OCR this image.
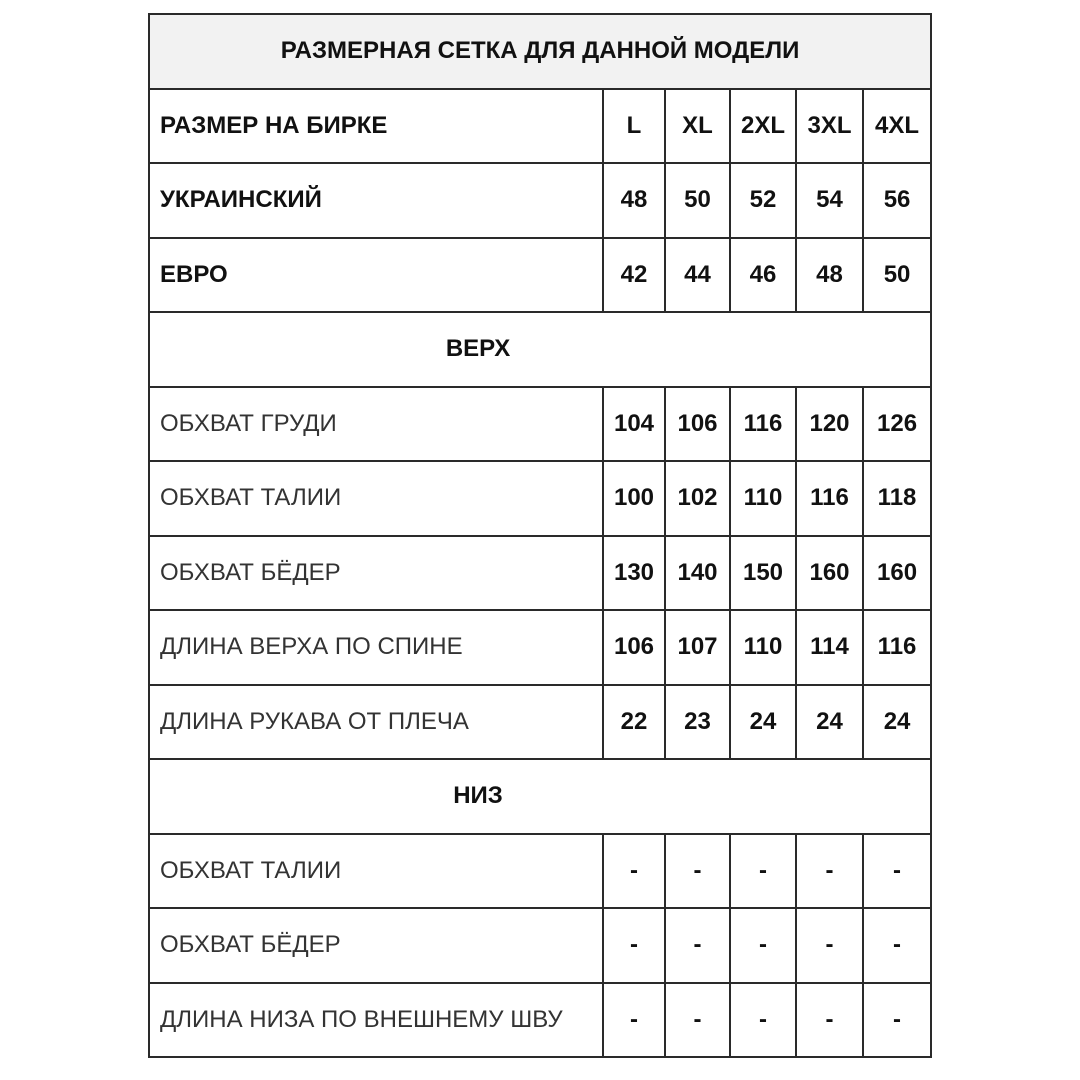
РАЗМЕРНАЯ СЕТКА ДЛЯ ДАННОЙ МОДЕЛИ					
РАЗМЕР НА БИРКЕ	L	XL	2XL	3XL	4XL
УКРАИНСКИЙ	48	50	52	54	56
ЕВРО	42	44	46	48	50
ВЕРХ					
ОБХВАТ ГРУДИ	104	106	116	120	126
ОБХВАТ ТАЛИИ	100	102	110	116	118
ОБХВАТ БЁДЕР	130	140	150	160	160
ДЛИНА ВЕРХА ПО СПИНЕ	106	107	110	114	116
ДЛИНА РУКАВА ОТ ПЛЕЧА	22	23	24	24	24
НИЗ					
ОБХВАТ ТАЛИИ	-	-	-	-	-
ОБХВАТ БЁДЕР	-	-	-	-	-
ДЛИНА НИЗА ПО ВНЕШНЕМУ ШВУ	-	-	-	-	-
